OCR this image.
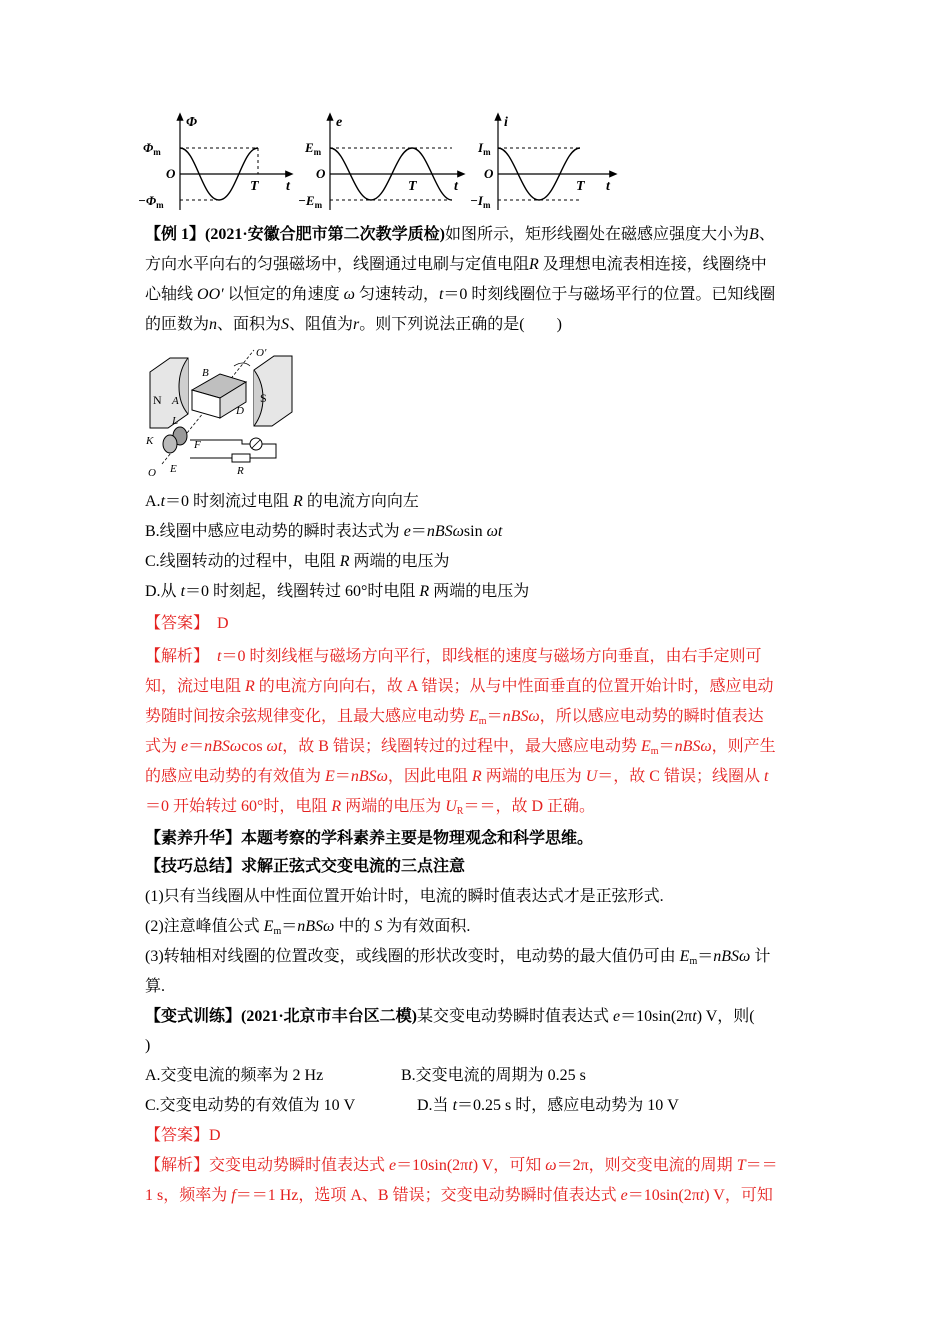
Φ
$\Phi_m$
O
$-\Phi_m$
T t
e
$E_m$
O
$-E_m$
T	t
i
$I_m$
O
$-I_m$
T t
【例 1】(2021·安徽合肥市第二次教学质检)如图所示，矩形线圈处在磁感应强度大小为B、
方向水平向右的匀强磁场中，线圈通过电刷与定值电阻R 及理想电流表相连接，线圈绕中
心轴线 OO′ 以恒定的角速度 ω 匀速转动，t＝0 时刻线圈位于与磁场平行的位置。已知线圈
的匝数为n、面积为S、阻值为r。则下列说法正确的是(　　)
N	S
O′
B
A
D
L
K	F
E
O	R
A.t＝0 时刻流过电阻 R 的电流方向向左
B.线圈中感应电动势的瞬时表达式为 e＝nBSωsin ωt
C.线圈转动的过程中，电阻 R 两端的电压为
D.从 t＝0 时刻起，线圈转过 60°时电阻 R 两端的电压为
【答案】　 D
【解析】　 t＝0 时刻线框与磁场方向平行，即线框的速度与磁场方向垂直，由右手定则可
知，流过电阻 R 的电流方向向右，故 A 错误；从与中性面垂直的位置开始计时，感应电动
势随时间按余弦规律变化，且最大感应电动势 $E_m=nBS\omega$，所以感应电动势的瞬时值表达
式为 e＝nBSωcos ωt，故 B 错误；线圈转过的过程中，最大感应电动势 $E_m=nBS\omega$，则产生
的感应电动势的有效值为 E＝nBSω，因此电阻 R 两端的电压为 U＝，故 C 错误；线圈从 t
＝0 开始转过 60°时，电阻 R 两端的电压为 $U_R==$，故 D 正确。
【素养升华】本题考察的学科素养主要是物理观念和科学思维。
【技巧总结】求解正弦式交变电流的三点注意
(1)只有当线圈从中性面位置开始计时，电流的瞬时值表达式才是正弦形式.
(2)注意峰值公式 $E_m=nBS\omega$ 中的 S 为有效面积.
(3)转轴相对线圈的位置改变，或线圈的形状改变时，电动势的最大值仍可由 $E_m=nBS\omega$ 计
算.
【变式训练】(2021·北京市丰台区二模)某交变电动势瞬时值表达式 e＝10sin(2πt) V，则(
)
A.交变电流的频率为 2 Hz	B.交变电流的周期为 0.25 s
C.交变电动势的有效值为 10 V	D.当 t＝0.25 s 时，感应电动势为 10 V
【答案】D
【解析】交变电动势瞬时值表达式 e＝10sin(2πt) V，可知 ω＝2π，则交变电流的周期 T＝＝
1 s，频率为 f＝＝1 Hz，选项 A、B 错误；交变电动势瞬时值表达式 e＝10sin(2πt) V，可知
